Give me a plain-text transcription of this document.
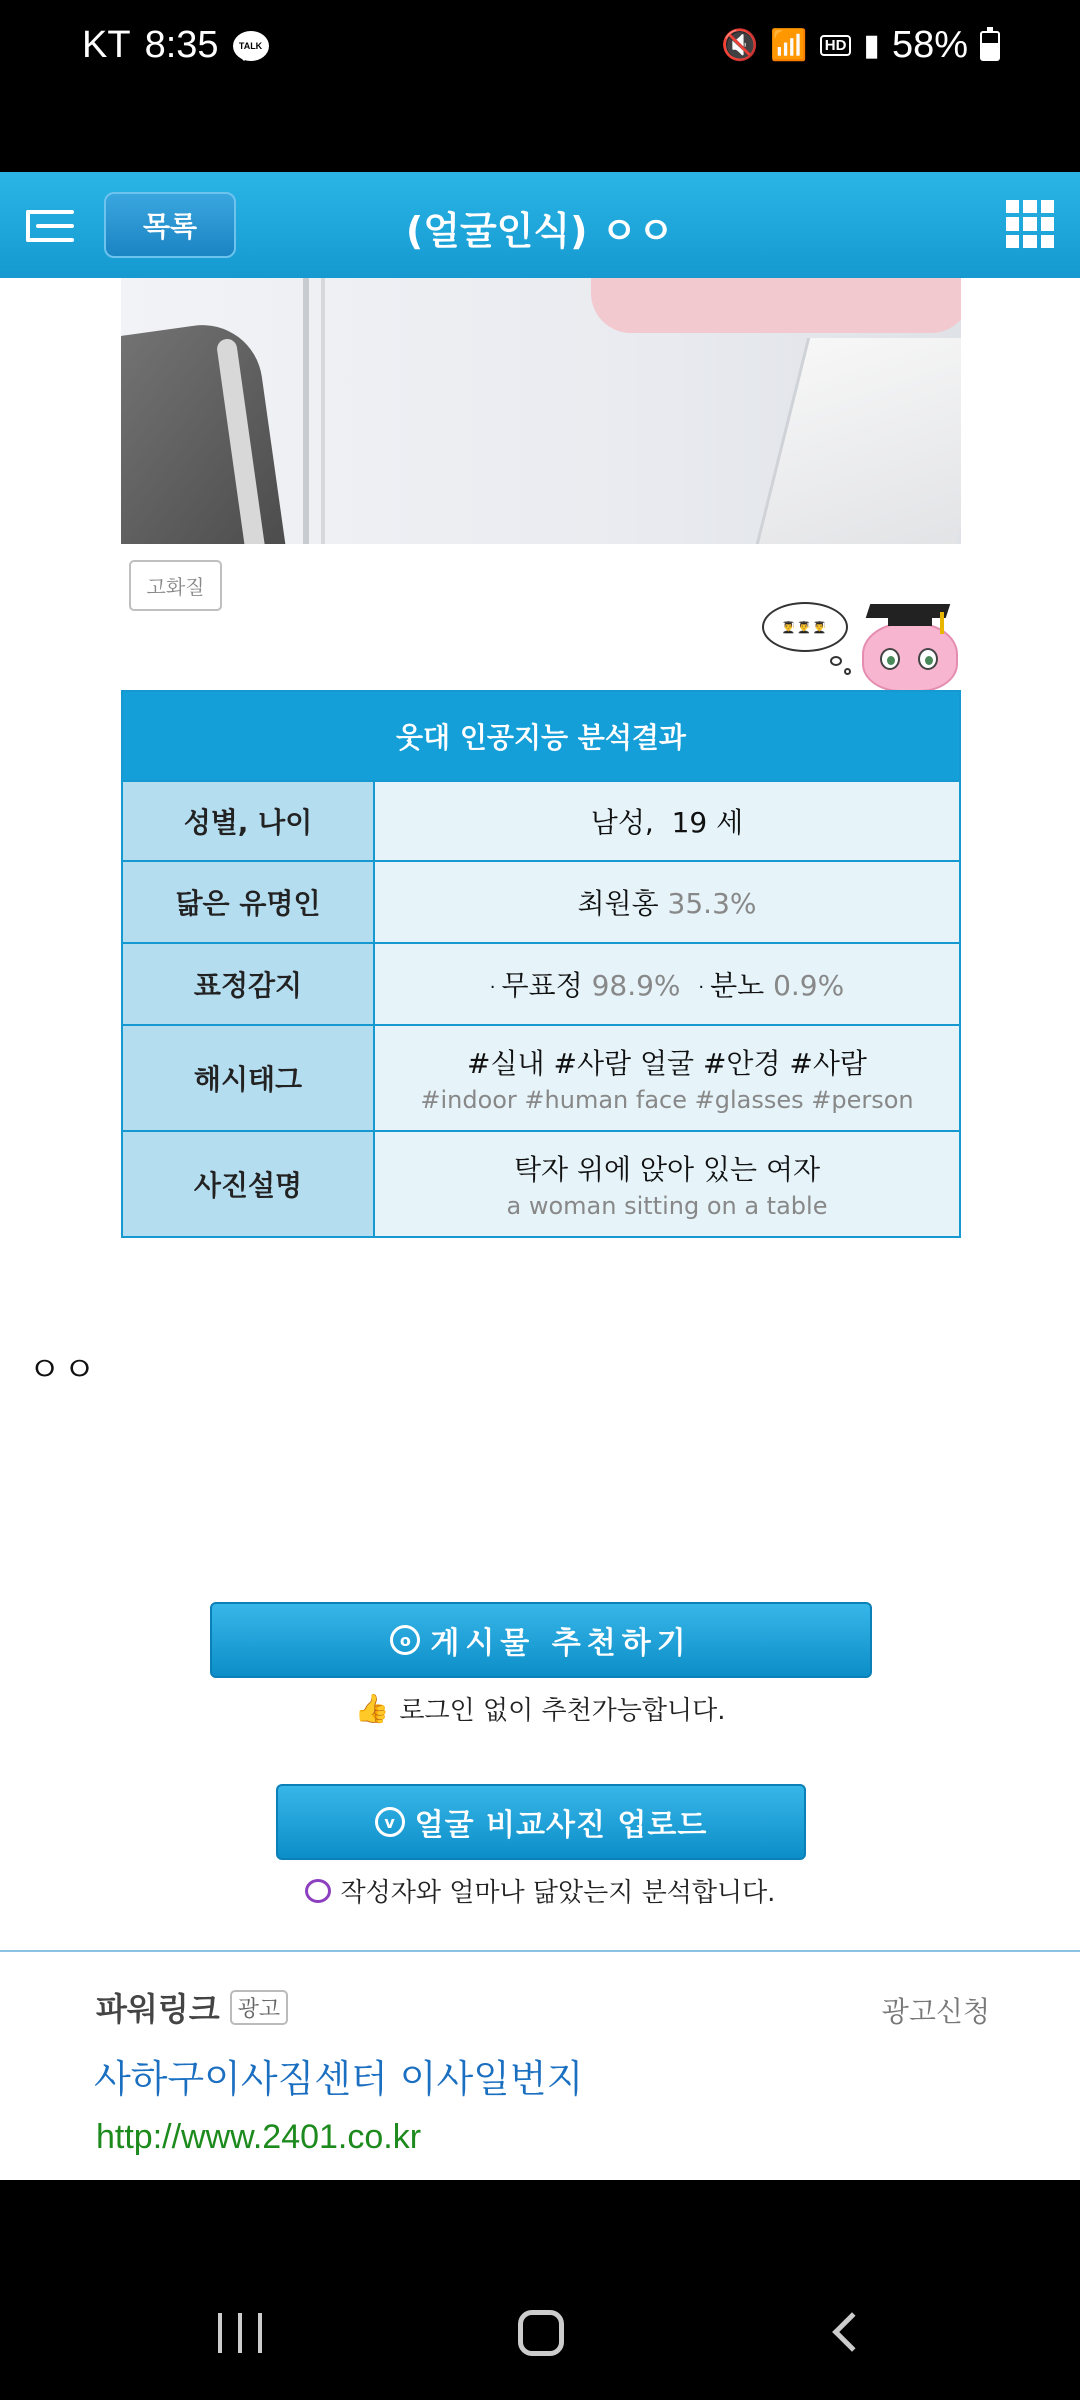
KT 8:35 TALK	🔇 📶	HD ▮ 58%
목록	(얼굴인식) ㅇㅇ
고화질
👨‍🎓👨‍🎓👨‍🎓
웃대 인공지능 분석결과
성별, 나이	남성, 19 세
닮은 유명인	최원홍 35.3%
표정감지	· 무표정 98.9% · 분노 0.9%
해시태그	#실내 #사람 얼굴 #안경 #사람
#indoor #human face #glasses #person
사진설명	탁자 위에 앉아 있는 여자
a woman sitting on a table
ㅇㅇ
o 게시물 추천하기
👍 로그인 없이 추천가능합니다.
v 얼굴 비교사진 업로드
작성자와 얼마나 닮았는지 분석합니다.
파워링크 광고	광고신청
사하구이사짐센터 이사일번지
http://www.2401.co.kr
